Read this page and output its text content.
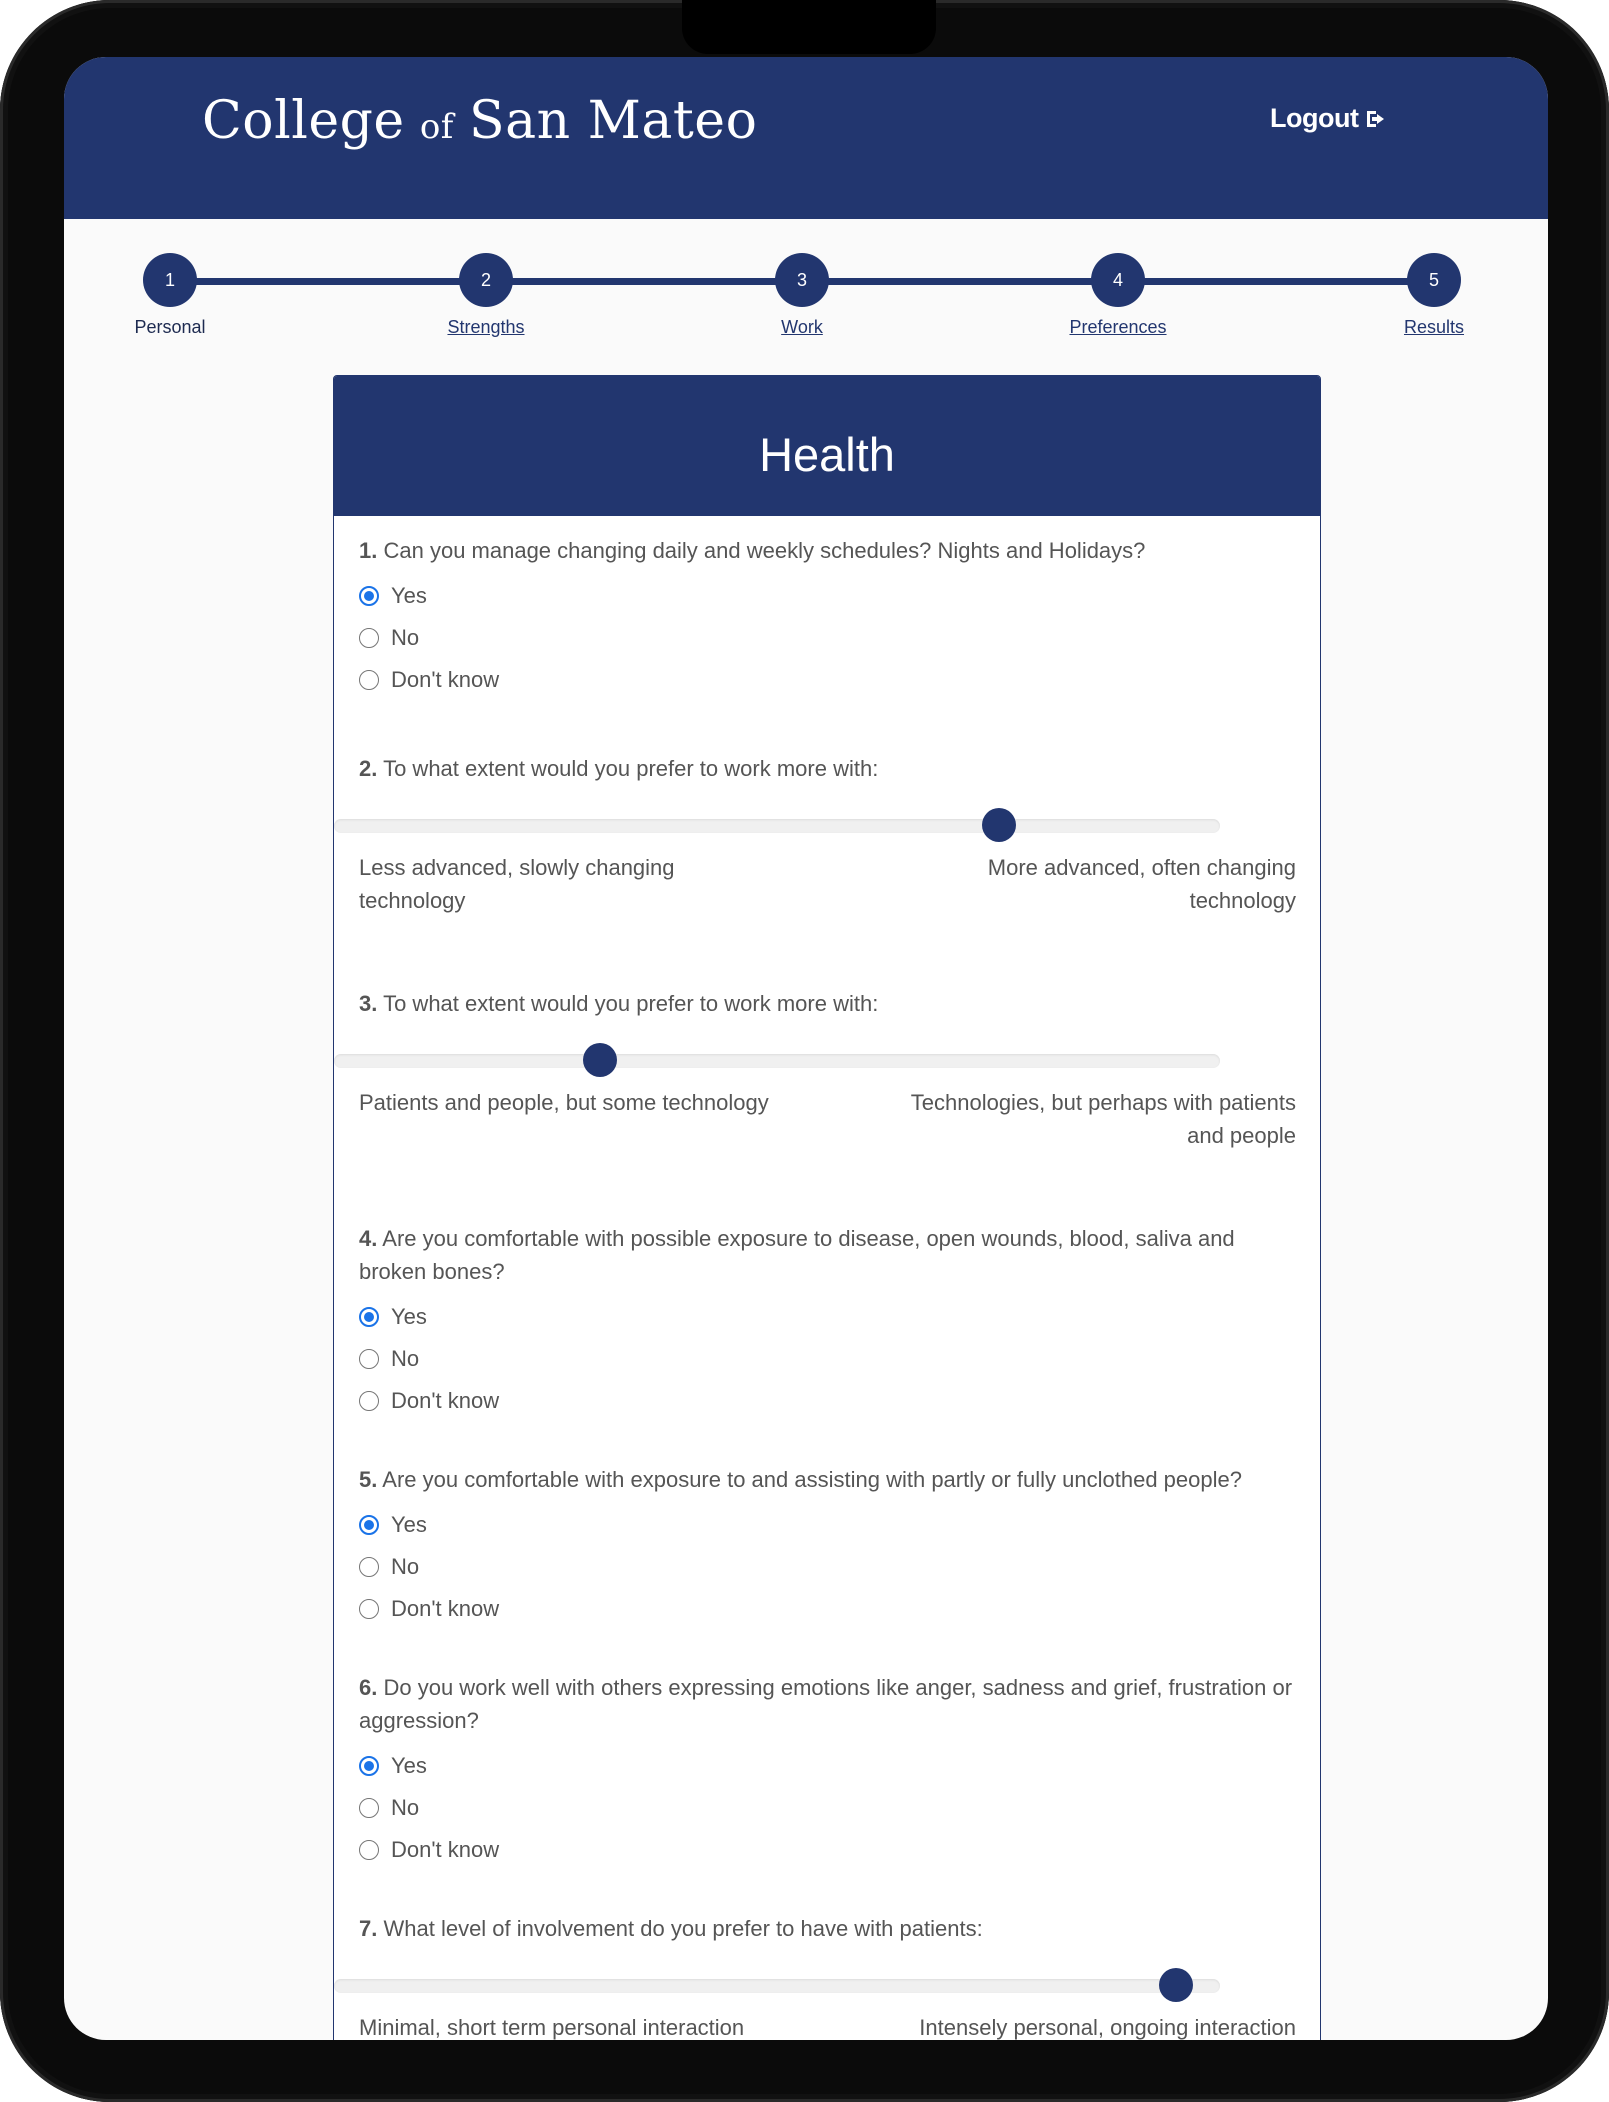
College of San Mateo	Logout
1
Personal
2
Strengths
3
Work
4
Preferences
5
Results
Health

1. Can you manage changing daily and weekly schedules? Nights and Holidays?

Yes
No
Don't know

2. To what extent would you prefer to work more with:

Less advanced, slowly changing technology
More advanced, often changing technology

3. To what extent would you prefer to work more with:

Patients and people, but some technology	Technologies, but perhaps with patients and people

4. Are you comfortable with possible exposure to disease, open wounds, blood, saliva and broken bones?

Yes
No
Don't know

5. Are you comfortable with exposure to and assisting with partly or fully unclothed people?

Yes
No
Don't know

6. Do you work well with others expressing emotions like anger, sadness and grief, frustration or aggression?

Yes
No
Don't know

7. What level of involvement do you prefer to have with patients:

Minimal, short term personal interaction	Intensely personal, ongoing interaction
